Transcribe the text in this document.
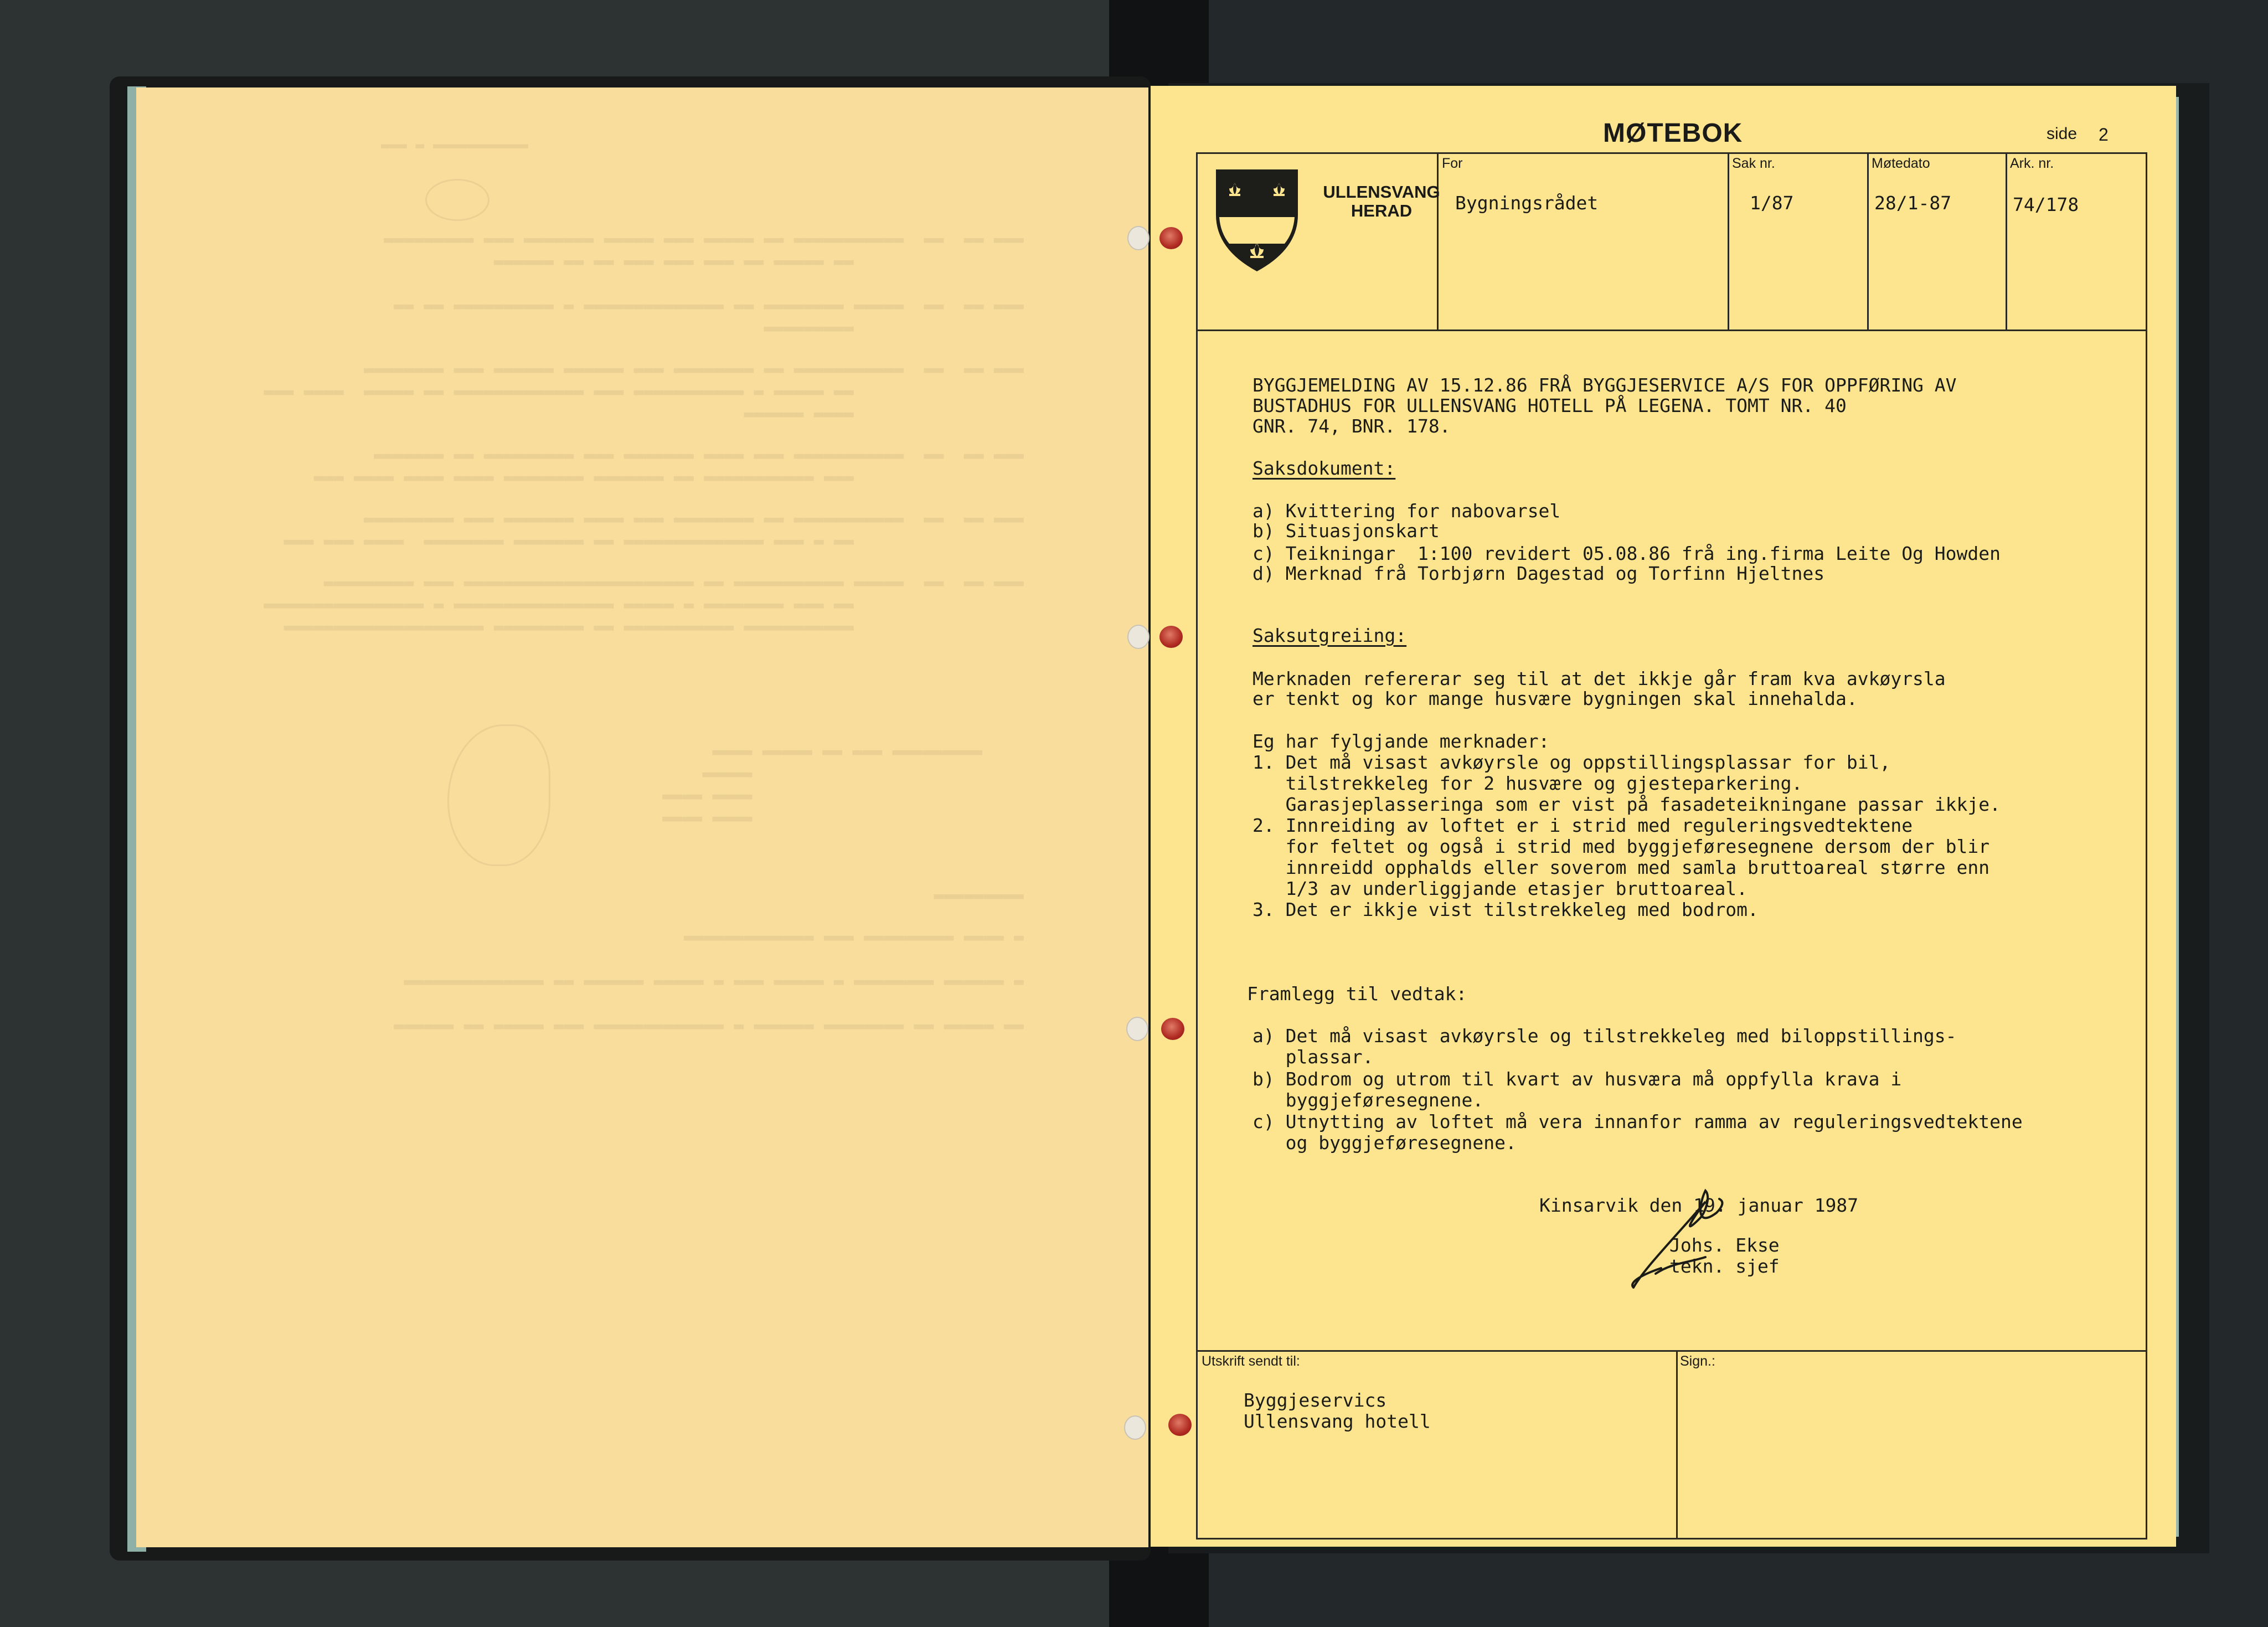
▬▬▬▬▬▬▬▬▬▬▬ ▬ ▬▬▬
▬▬▬ ▬▬  ▬▬  ▬▬▬▬▬▬▬▬▬▬▬ ▬▬ ▬▬▬▬▬ ▬▬▬ ▬▬▬▬▬ ▬▬▬▬▬▬▬ ▬▬▬ ▬▬▬▬▬▬▬▬▬
▬▬ ▬▬▬▬▬ ▬▬ ▬▬▬ ▬▬▬ ▬▬▬ ▬▬ ▬▬ ▬▬▬▬▬▬
▬▬▬ ▬▬  ▬▬  ▬▬▬▬▬ ▬▬▬▬▬▬▬▬ ▬▬ ▬▬▬▬▬▬▬▬▬▬▬▬▬▬ ▬ ▬▬▬▬▬▬▬▬▬▬ ▬▬ ▬▬
▬▬▬▬▬▬▬▬▬
▬▬▬ ▬▬  ▬▬  ▬▬▬▬▬▬▬▬▬▬▬ ▬▬ ▬▬▬▬▬▬▬▬ ▬▬▬ ▬▬▬▬▬▬ ▬▬▬▬▬▬ ▬▬▬ ▬▬▬▬▬▬▬▬
▬▬ ▬▬▬▬▬ ▬ ▬▬▬▬▬▬▬▬▬▬▬ ▬▬▬ ▬▬▬▬▬▬▬▬▬▬▬▬▬ ▬▬ ▬▬▬▬▬  ▬▬▬▬ ▬▬▬
▬▬▬▬ ▬▬▬▬▬▬
▬▬▬ ▬▬  ▬▬  ▬▬▬▬▬▬▬▬▬▬▬ ▬▬▬ ▬▬▬▬ ▬▬▬▬▬▬▬ ▬▬▬ ▬▬▬▬▬▬▬▬▬ ▬▬ ▬▬▬▬▬▬▬
▬▬▬ ▬▬▬▬▬▬▬▬▬▬▬ ▬▬ ▬▬▬▬▬▬▬ ▬▬▬▬▬▬▬▬ ▬▬▬▬ ▬▬▬▬ ▬▬▬▬ ▬▬▬
▬▬▬ ▬▬  ▬▬  ▬▬▬▬▬▬▬▬▬▬▬ ▬▬ ▬▬▬▬▬▬▬▬ ▬▬▬ ▬▬▬▬ ▬▬▬▬▬▬▬ ▬▬▬ ▬▬▬▬▬▬▬▬▬
▬▬ ▬ ▬▬▬ ▬▬▬▬▬▬▬▬▬▬▬▬▬▬ ▬▬ ▬▬▬▬▬▬▬ ▬▬▬▬▬▬▬▬  ▬▬▬▬ ▬▬▬ ▬▬▬
▬▬▬ ▬▬  ▬▬  ▬▬▬▬▬ ▬▬▬▬▬▬▬▬▬▬▬ ▬▬ ▬▬▬▬▬▬▬▬▬▬▬▬▬▬▬▬▬▬▬▬▬▬▬ ▬▬▬ ▬▬▬▬▬▬▬▬▬
▬▬ ▬▬▬ ▬▬▬▬▬▬▬▬ ▬ ▬▬▬▬▬ ▬▬▬▬▬▬▬▬▬▬▬▬▬▬▬▬ ▬ ▬▬▬▬▬▬▬▬▬▬▬▬▬▬▬▬
▬▬▬▬▬▬▬▬▬▬▬ ▬▬▬▬▬▬▬▬▬▬▬ ▬▬ ▬▬▬▬▬▬▬▬▬ ▬▬▬▬▬▬▬▬▬▬▬▬▬▬▬▬▬▬▬▬
▬▬▬▬▬▬▬▬▬ ▬▬▬ ▬▬ ▬▬▬▬▬ ▬▬▬▬
▬▬▬▬▬
▬▬▬▬ ▬▬▬▬
▬▬▬▬ ▬▬▬▬
▬▬▬▬▬▬▬▬▬
▬ ▬▬▬▬ ▬▬▬▬▬▬▬▬▬ ▬▬▬ ▬▬▬▬▬▬▬▬▬▬▬▬▬
▬ ▬▬▬▬▬▬ ▬▬▬▬▬▬▬▬ ▬ ▬▬▬▬▬ ▬▬▬ ▬ ▬▬▬▬▬ ▬▬▬▬▬▬ ▬▬ ▬▬▬▬▬▬▬▬▬▬▬▬▬▬
▬▬ ▬▬▬▬▬ ▬▬ ▬▬▬▬▬▬▬▬ ▬▬▬▬▬▬ ▬ ▬▬▬▬▬▬▬▬▬▬▬▬▬ ▬▬▬ ▬▬▬▬▬ ▬▬ ▬▬▬▬▬▬
MØTEBOK	side 2
ULLENSVANG HERAD
For
Bygningsrådet
Sak nr.
1/87
Møtedato
28/1-87
Ark. nr.
74/178
BYGGJEMELDING AV 15.12.86 FRÅ BYGGJESERVICE A/S FOR OPPFØRING AV
BUSTADHUS FOR ULLENSVANG HOTELL PÅ LEGENA. TOMT NR. 40
GNR. 74, BNR. 178.
Saksdokument:
a) Kvittering for nabovarsel
b) Situasjonskart
c) Teikningar  1:100 revidert 05.08.86 frå ing.firma Leite Og Howden
d) Merknad frå Torbjørn Dagestad og Torfinn Hjeltnes
Saksutgreiing:
Merknaden refererar seg til at det ikkje går fram kva avkøyrsla
er tenkt og kor mange husvære bygningen skal innehalda.
Eg har fylgjande merknader:
1. Det må visast avkøyrsle og oppstillingsplassar for bil,
tilstrekkeleg for 2 husvære og gjesteparkering.
Garasjeplasseringa som er vist på fasadeteikningane passar ikkje.
2. Innreiding av loftet er i strid med reguleringsvedtektene
for feltet og også i strid med byggjeføresegnene dersom der blir
innreidd opphalds eller soverom med samla bruttoareal større enn
1/3 av underliggjande etasjer bruttoareal.
3. Det er ikkje vist tilstrekkeleg med bodrom.
Framlegg til vedtak:
a) Det må visast avkøyrsle og tilstrekkeleg med biloppstillings-
plassar.
b) Bodrom og utrom til kvart av husværa må oppfylla krava i
byggjeføresegnene.
c) Utnytting av loftet må vera innanfor ramma av reguleringsvedtektene
og byggjeføresegnene.
Kinsarvik den 19. januar 1987
Johs. Ekse
tekn. sjef
Utskrift sendt til:
Byggjeservics
Ullensvang hotell
Sign.:
